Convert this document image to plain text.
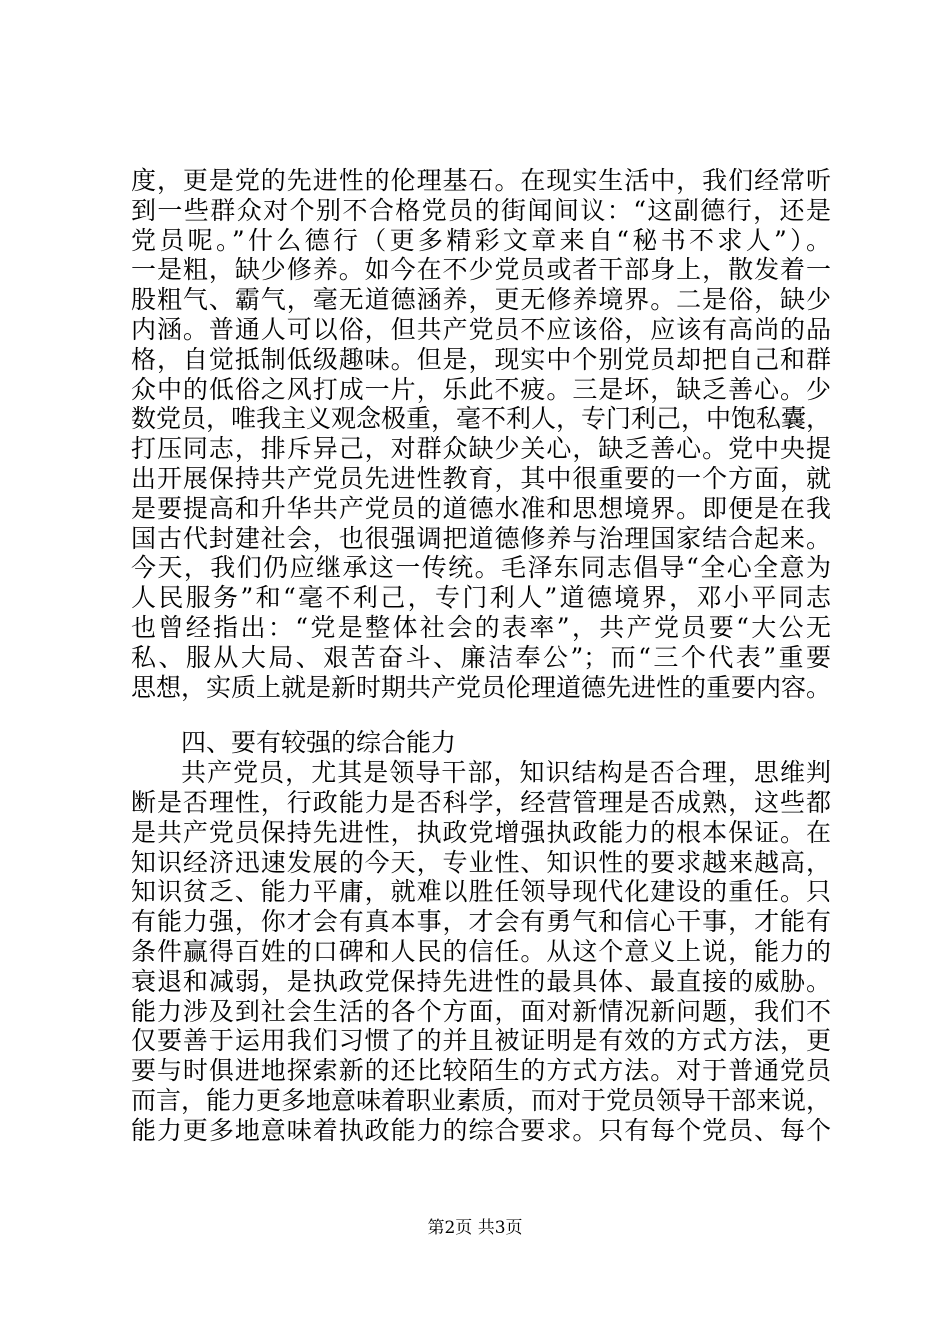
度，更是党的先进性的伦理基石。在现实生活中，我们经常听
到一些群众对个别不合格党员的街闻间议：“这副德行，还是
党员呢。”什么德行（更多精彩文章来自“秘书不求人”）。
一是粗，缺少修养。如今在不少党员或者干部身上，散发着一
股粗气、霸气，毫无道德涵养，更无修养境界。二是俗，缺少
内涵。普通人可以俗，但共产党员不应该俗，应该有高尚的品
格，自觉抵制低级趣味。但是，现实中个别党员却把自己和群
众中的低俗之风打成一片，乐此不疲。三是坏，缺乏善心。少
数党员，唯我主义观念极重，毫不利人，专门利己，中饱私囊，
打压同志，排斥异己，对群众缺少关心，缺乏善心。党中央提
出开展保持共产党员先进性教育，其中很重要的一个方面，就
是要提高和升华共产党员的道德水准和思想境界。即便是在我
国古代封建社会，也很强调把道德修养与治理国家结合起来。
今天，我们仍应继承这一传统。毛泽东同志倡导“全心全意为
人民服务”和“毫不利己，专门利人”道德境界，邓小平同志
也曾经指出：“党是整体社会的表率”，共产党员要“大公无
私、服从大局、艰苦奋斗、廉洁奉公”；而“三个代表”重要
思想，实质上就是新时期共产党员伦理道德先进性的重要内容。
四、要有较强的综合能力
共产党员，尤其是领导干部，知识结构是否合理，思维判
断是否理性，行政能力是否科学，经营管理是否成熟，这些都
是共产党员保持先进性，执政党增强执政能力的根本保证。在
知识经济迅速发展的今天，专业性、知识性的要求越来越高，
知识贫乏、能力平庸，就难以胜任领导现代化建设的重任。只
有能力强，你才会有真本事，才会有勇气和信心干事，才能有
条件赢得百姓的口碑和人民的信任。从这个意义上说，能力的
衰退和减弱，是执政党保持先进性的最具体、最直接的威胁。
能力涉及到社会生活的各个方面，面对新情况新问题，我们不
仅要善于运用我们习惯了的并且被证明是有效的方式方法，更
要与时俱进地探索新的还比较陌生的方式方法。对于普通党员
而言，能力更多地意味着职业素质，而对于党员领导干部来说，
能力更多地意味着执政能力的综合要求。只有每个党员、每个
第2页 共3页
